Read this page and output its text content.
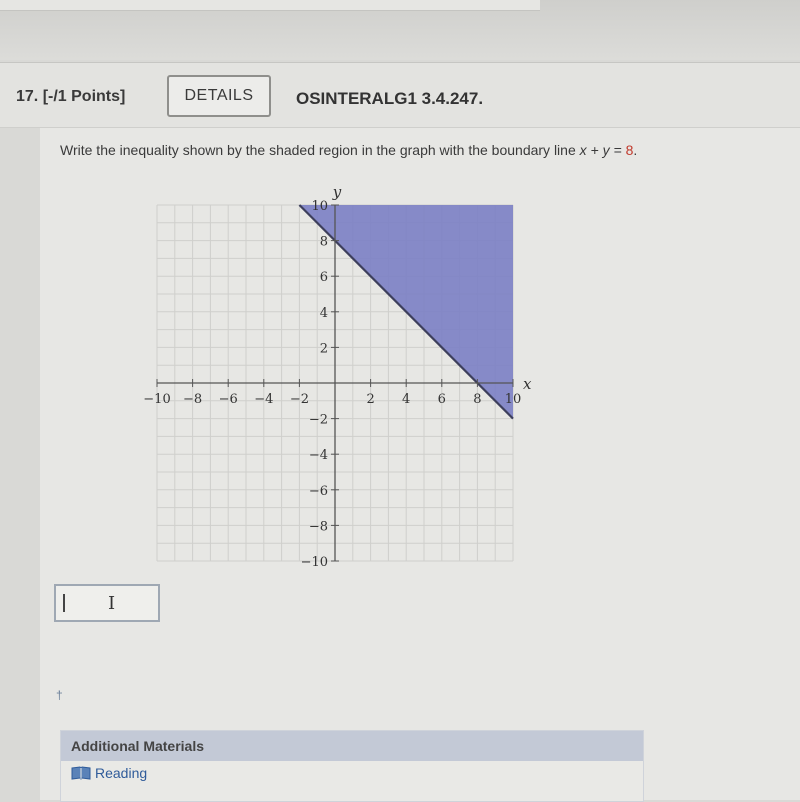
17. [-/1 Points]	DETAILS	OSINTERALG1 3.4.247.
Write the inequality shown by the shaded region in the graph with the boundary line x + y = 8.
−10 −8 −6 −4 −2	2 4 6 8 10
10
8
6
4
2
−2
−4
−6
−8
−10
x
y
I
†
Additional Materials
Reading
